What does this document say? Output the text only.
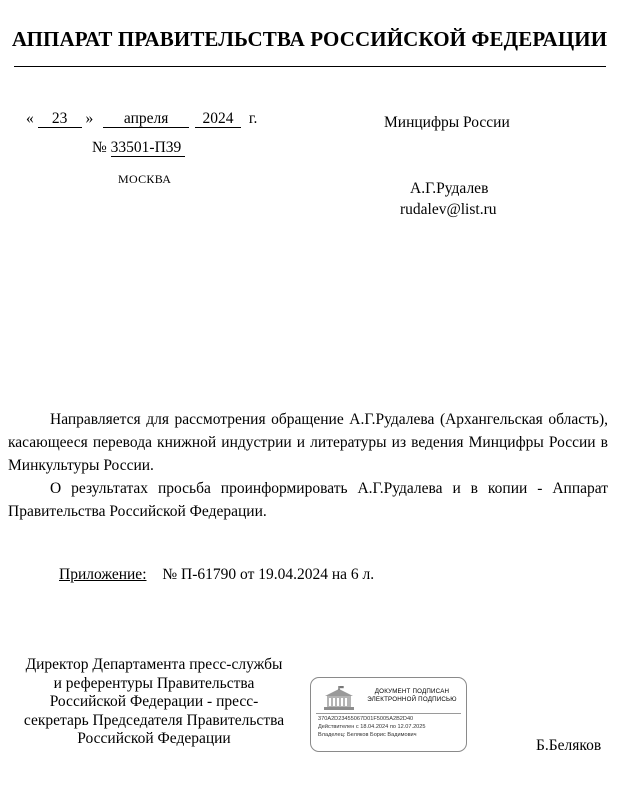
АППАРАТ ПРАВИТЕЛЬСТВА РОССИЙСКОЙ ФЕДЕРАЦИИ
« 23 » апреля 2024 г.
№ 33501-П39
МОСКВА
Минцифры России
А.Г.Рудалев
rudalev@list.ru

Направляется для рассмотрения обращение А.Г.Рудалева (Архангельская область), касающееся перевода книжной индустрии и литературы из ведения Минцифры России в Минкультуры России.

О результатах просьба проинформировать А.Г.Рудалева и в копии - Аппарат Правительства Российской Федерации.

Приложение: № П-61790 от 19.04.2024 на 6 л.
Директор Департамента пресс-службы
и референтуры Правительства
Российской Федерации - пресс-
секретарь Председателя Правительства
Российской Федерации
ДОКУМЕНТ ПОДПИСАН
ЭЛЕКТРОННОЙ ПОДПИСЬЮ
370A2D23455067D01F5005A2B2D40
Действителен с 18.04.2024 по 12.07.2025
Владелец: Беляков Борис Вадимович
Б.Беляков
